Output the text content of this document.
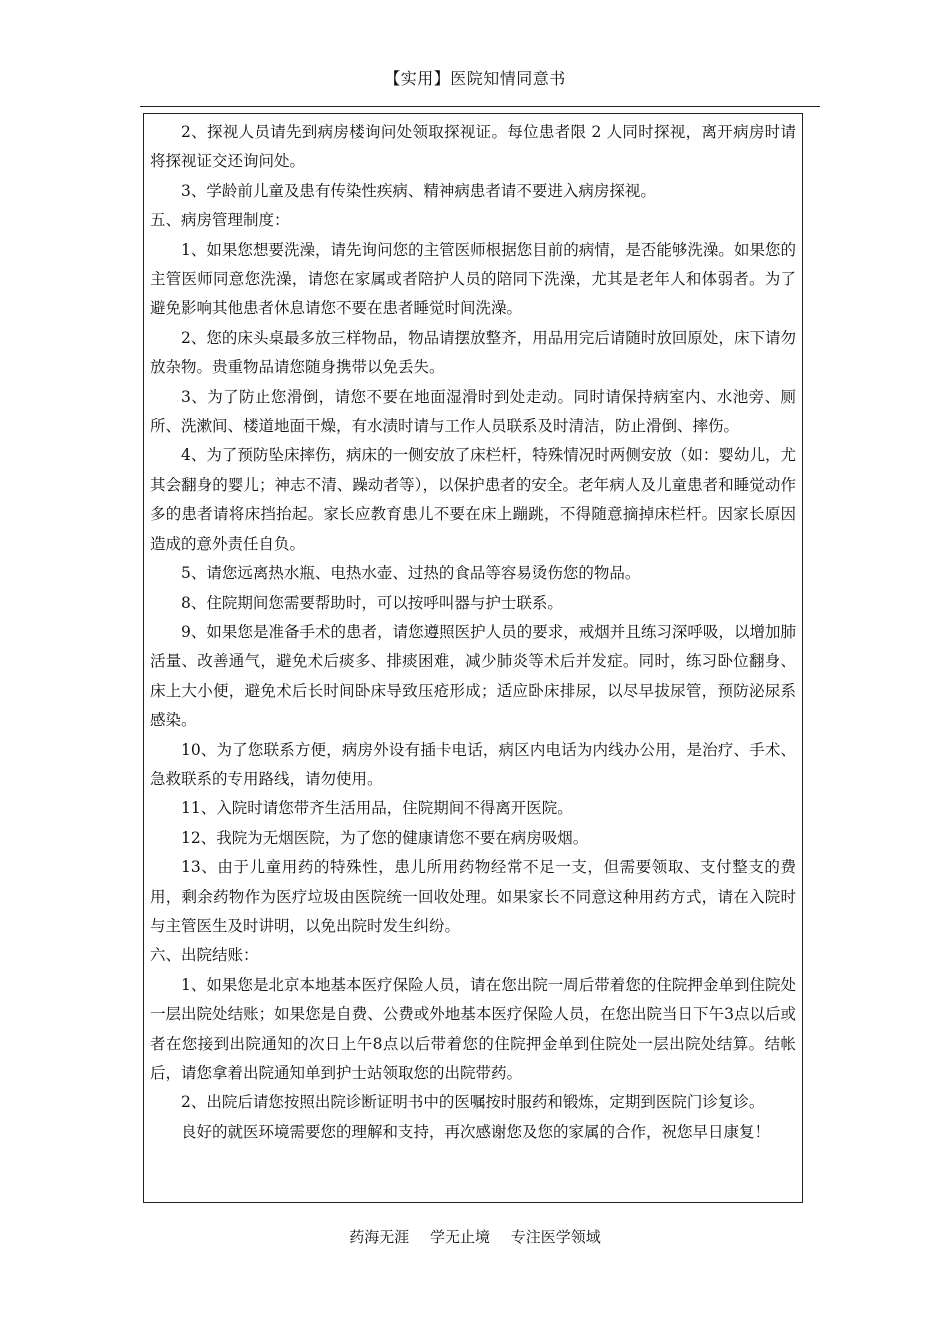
【实用】医院知情同意书

2、探视人员请先到病房楼询问处领取探视证。每位患者限 2 人同时探视，离开病房时请将探视证交还询问处。

3、学龄前儿童及患有传染性疾病、精神病患者请不要进入病房探视。

五、病房管理制度：

1、如果您想要洗澡，请先询问您的主管医师根据您目前的病情，是否能够洗澡。如果您的主管医师同意您洗澡，请您在家属或者陪护人员的陪同下洗澡，尤其是老年人和体弱者。为了避免影响其他患者休息请您不要在患者睡觉时间洗澡。

2、您的床头桌最多放三样物品，物品请摆放整齐，用品用完后请随时放回原处，床下请勿放杂物。贵重物品请您随身携带以免丢失。

3、为了防止您滑倒，请您不要在地面湿滑时到处走动。同时请保持病室内、水池旁、厕所、洗漱间、楼道地面干燥，有水渍时请与工作人员联系及时清洁，防止滑倒、摔伤。

4、为了预防坠床摔伤，病床的一侧安放了床栏杆，特殊情况时两侧安放（如：婴幼儿，尤其会翻身的婴儿；神志不清、躁动者等），以保护患者的安全。老年病人及儿童患者和睡觉动作多的患者请将床挡抬起。家长应教育患儿不要在床上蹦跳，不得随意摘掉床栏杆。因家长原因造成的意外责任自负。

5、请您远离热水瓶、电热水壶、过热的食品等容易烫伤您的物品。

8、住院期间您需要帮助时，可以按呼叫器与护士联系。

9、如果您是准备手术的患者，请您遵照医护人员的要求，戒烟并且练习深呼吸，以增加肺活量、改善通气，避免术后痰多、排痰困难，减少肺炎等术后并发症。同时，练习卧位翻身、床上大小便，避免术后长时间卧床导致压疮形成；适应卧床排尿，以尽早拔尿管，预防泌尿系感染。

10、为了您联系方便，病房外设有插卡电话，病区内电话为内线办公用，是治疗、手术、急救联系的专用路线，请勿使用。

11、入院时请您带齐生活用品，住院期间不得离开医院。

12、我院为无烟医院，为了您的健康请您不要在病房吸烟。

13、由于儿童用药的特殊性，患儿所用药物经常不足一支，但需要领取、支付整支的费用，剩余药物作为医疗垃圾由医院统一回收处理。如果家长不同意这种用药方式，请在入院时与主管医生及时讲明，以免出院时发生纠纷。

六、出院结账：

1、如果您是北京本地基本医疗保险人员，请在您出院一周后带着您的住院押金单到住院处一层出院处结账；如果您是自费、公费或外地基本医疗保险人员，在您出院当日下午3点以后或者在您接到出院通知的次日上午8点以后带着您的住院押金单到住院处一层出院处结算。结帐后，请您拿着出院通知单到护士站领取您的出院带药。

2、出院后请您按照出院诊断证明书中的医嘱按时服药和锻炼，定期到医院门诊复诊。

良好的就医环境需要您的理解和支持，再次感谢您及您的家属的合作，祝您早日康复！

药海无涯 学无止境 专注医学领域
